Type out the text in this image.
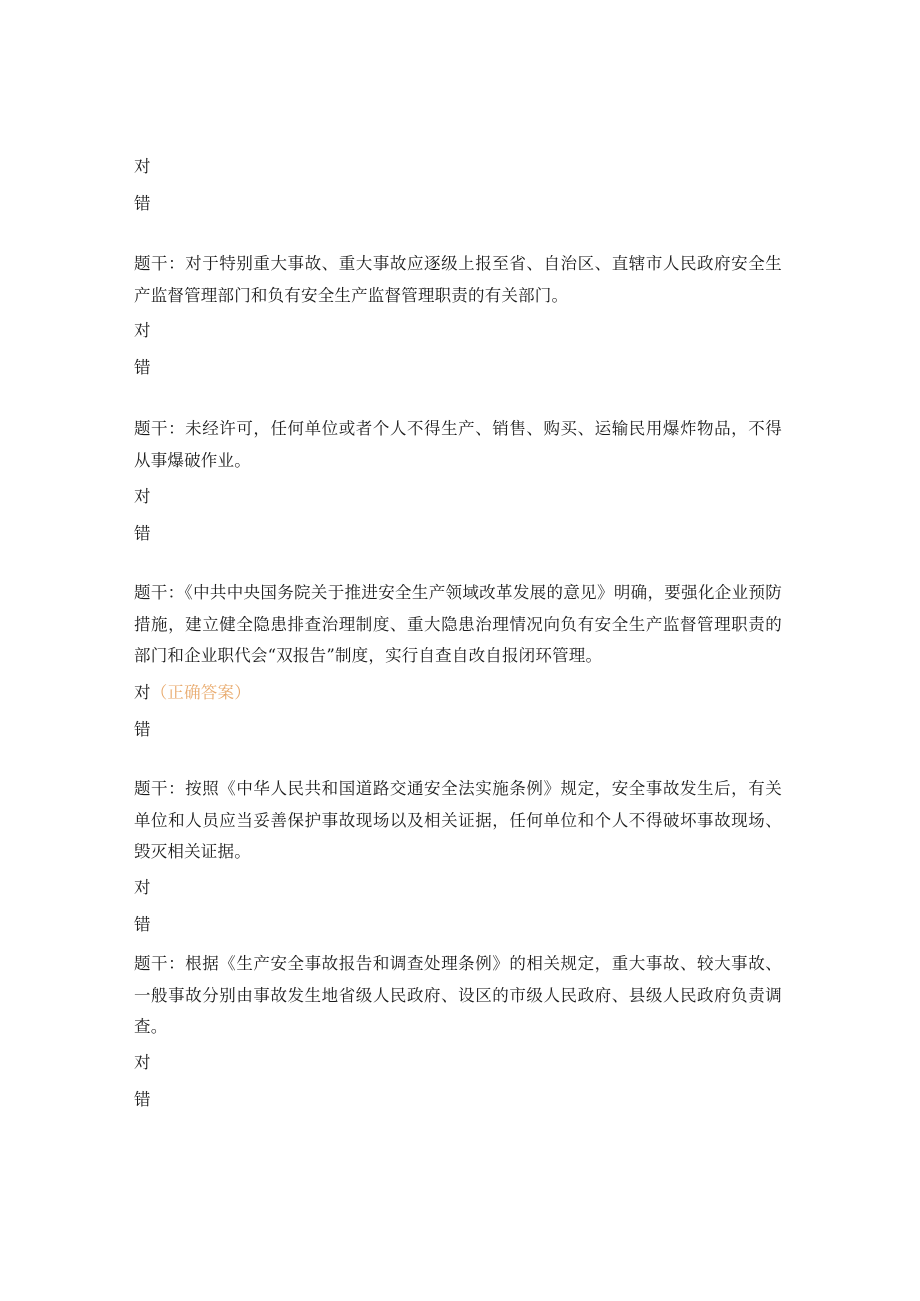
对
错
题干：对于特别重大事故、重大事故应逐级上报至省、自治区、直辖市人民政府安全生产监督管理部门和负有安全生产监督管理职责的有关部门。
对
错
题干：未经许可，任何单位或者个人不得生产、销售、购买、运输民用爆炸物品，不得从事爆破作业。
对
错
题干：《中共中央国务院关于推进安全生产领域改革发展的意见》明确，要强化企业预防措施，建立健全隐患排查治理制度、重大隐患治理情况向负有安全生产监督管理职责的部门和企业职代会“双报告”制度，实行自查自改自报闭环管理。
对（正确答案）
错
题干：按照《中华人民共和国道路交通安全法实施条例》规定，安全事故发生后，有关单位和人员应当妥善保护事故现场以及相关证据，任何单位和个人不得破坏事故现场、毁灭相关证据。
对
错
题干：根据《生产安全事故报告和调查处理条例》的相关规定，重大事故、较大事故、一般事故分别由事故发生地省级人民政府、设区的市级人民政府、县级人民政府负责调查。
对
错
